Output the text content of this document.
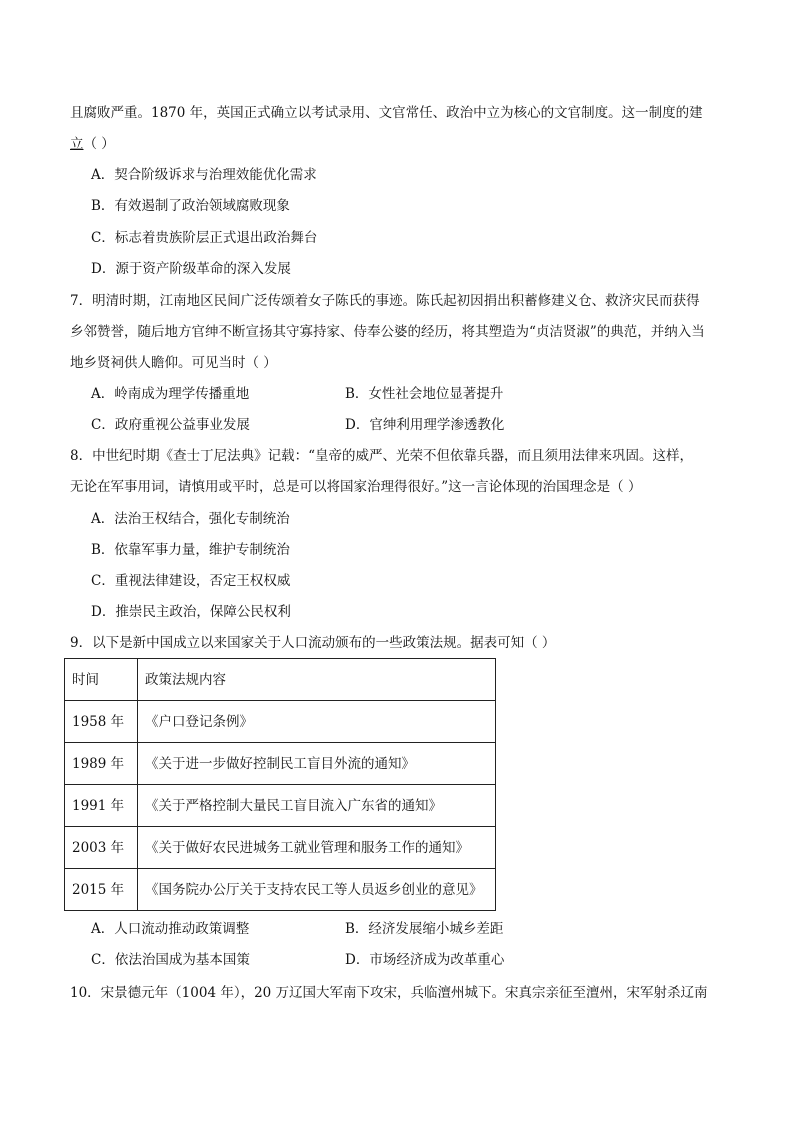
且腐败严重。1870 年，英国正式确立以考试录用、文官常任、政治中立为核心的文官制度。这一制度的建
立（ ）
A．契合阶级诉求与治理效能优化需求
B．有效遏制了政治领域腐败现象
C．标志着贵族阶层正式退出政治舞台
D．源于资产阶级革命的深入发展
7．明清时期，江南地区民间广泛传颂着女子陈氏的事迹。陈氏起初因捐出积蓄修建义仓、救济灾民而获得
乡邻赞誉，随后地方官绅不断宣扬其守寡持家、侍奉公婆的经历，将其塑造为“贞洁贤淑”的典范，并纳入当
地乡贤祠供人瞻仰。可见当时（ ）
A．岭南成为理学传播重地	B．女性社会地位显著提升
C．政府重视公益事业发展	D．官绅利用理学渗透教化
8．中世纪时期《查士丁尼法典》记载：“皇帝的威严、光荣不但依靠兵器，而且须用法律来巩固。这样，
无论在军事用词，请慎用或平时，总是可以将国家治理得很好。”这一言论体现的治国理念是（ ）
A．法治王权结合，强化专制统治
B．依靠军事力量，维护专制统治
C．重视法律建设，否定王权权威
D．推崇民主政治，保障公民权利
9．以下是新中国成立以来国家关于人口流动颁布的一些政策法规。据表可知（ ）
时间	政策法规内容
1958 年	《户口登记条例》
1989 年	《关于进一步做好控制民工盲目外流的通知》
1991 年	《关于严格控制大量民工盲目流入广东省的通知》
2003 年	《关于做好农民进城务工就业管理和服务工作的通知》
2015 年	《国务院办公厅关于支持农民工等人员返乡创业的意见》
A．人口流动推动政策调整	B．经济发展缩小城乡差距
C．依法治国成为基本国策	D．市场经济成为改革重心
10．宋景德元年（1004 年），20 万辽国大军南下攻宋，兵临澶州城下。宋真宗亲征至澶州，宋军射杀辽南
